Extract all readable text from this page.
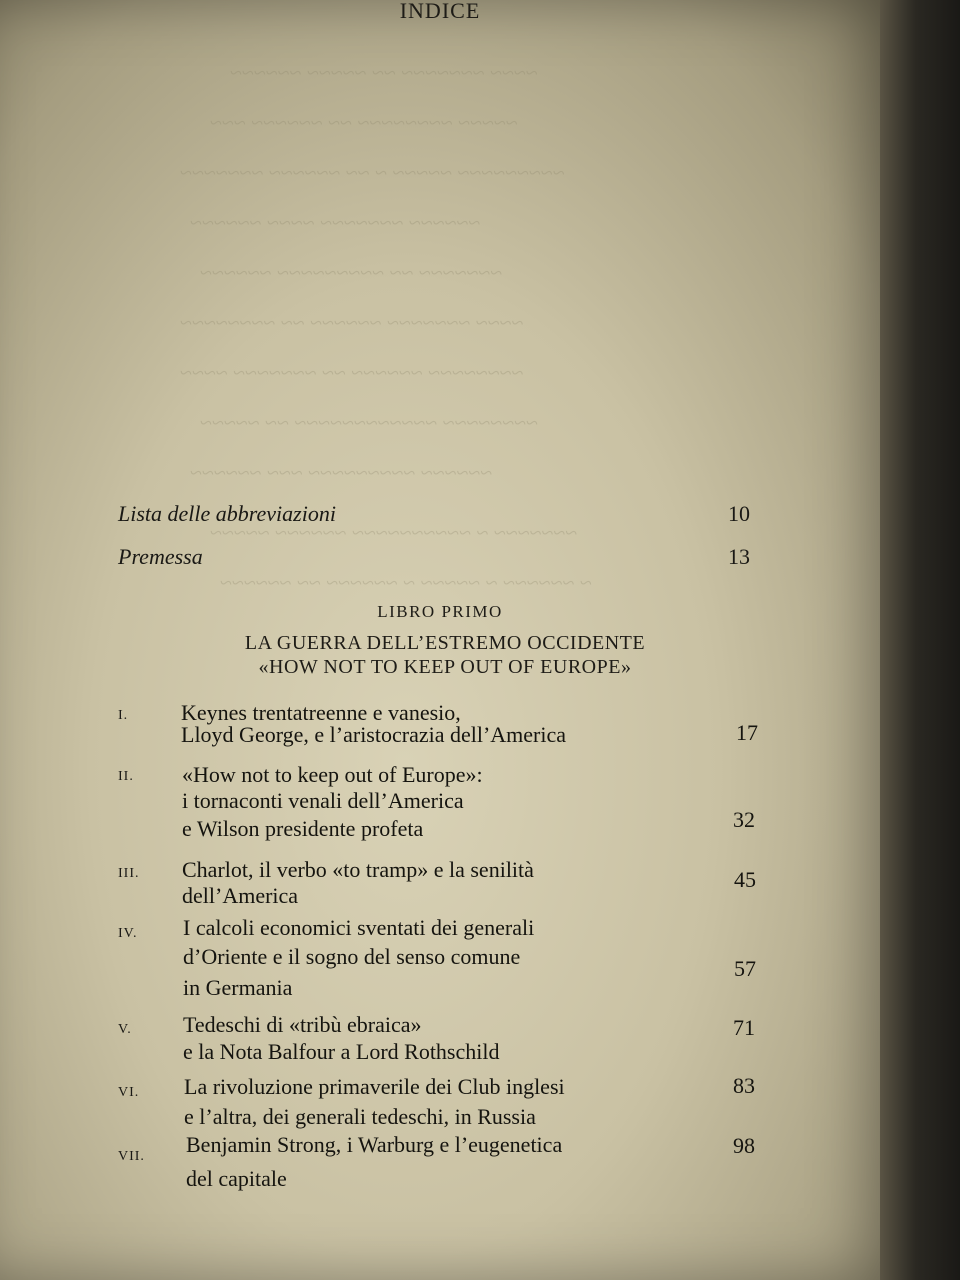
~~~~ ~~~~~~~ ~~ ~~~~~ ~~~~~~
~~~~~ ~~~~~~~~ ~~ ~~~~~~ ~~~
~~~~~~~~~ ~~~~~ ~ ~~ ~~~~~~ ~~~~~~~
~~~~~~ ~~~~~~~ ~~~~ ~~~~~~
~~~~~~~ ~~ ~~~~~~~~~ ~~~~~~
~~~~ ~~~~~~~ ~~~~~~ ~~ ~~~~~~~~
~~~~~~~~ ~~~~~~ ~~ ~~~~~~~ ~~~~
~~~~~~~~ ~~~~~~~~~~~~ ~~ ~~~~~
~~~~~~ ~~~~~~~~~ ~~~ ~~~~~~
~~~~~~~ ~ ~~~~~~~~~~ ~~~~~~ ~~~~~
~ ~~~~~~ ~ ~~~~~ ~ ~~~~~~ ~~ ~~~~~~
INDICE
Lista delle abbreviazioni	10
Premessa	13
LIBRO PRIMO
LA GUERRA DELL’ESTREMO OCCIDENTE
«HOW NOT TO KEEP OUT OF EUROPE»
I. Keynes trentatreenne e vanesio,
Lloyd George, e l’aristocrazia dell’America	17
II. «How not to keep out of Europe»:
i tornaconti venali dell’America
e Wilson presidente profeta	32
III. Charlot, il verbo «to tramp» e la senilità
dell’America
45
IV. I calcoli economici sventati dei generali
d’Oriente e il sogno del senso comune
in Germania
57
V. Tedeschi di «tribù ebraica»
e la Nota Balfour a Lord Rothschild
71
VI. La rivoluzione primaverile dei Club inglesi
e l’altra, dei generali tedeschi, in Russia
83
VII. Benjamin Strong, i Warburg e l’eugenetica
del capitale
98
